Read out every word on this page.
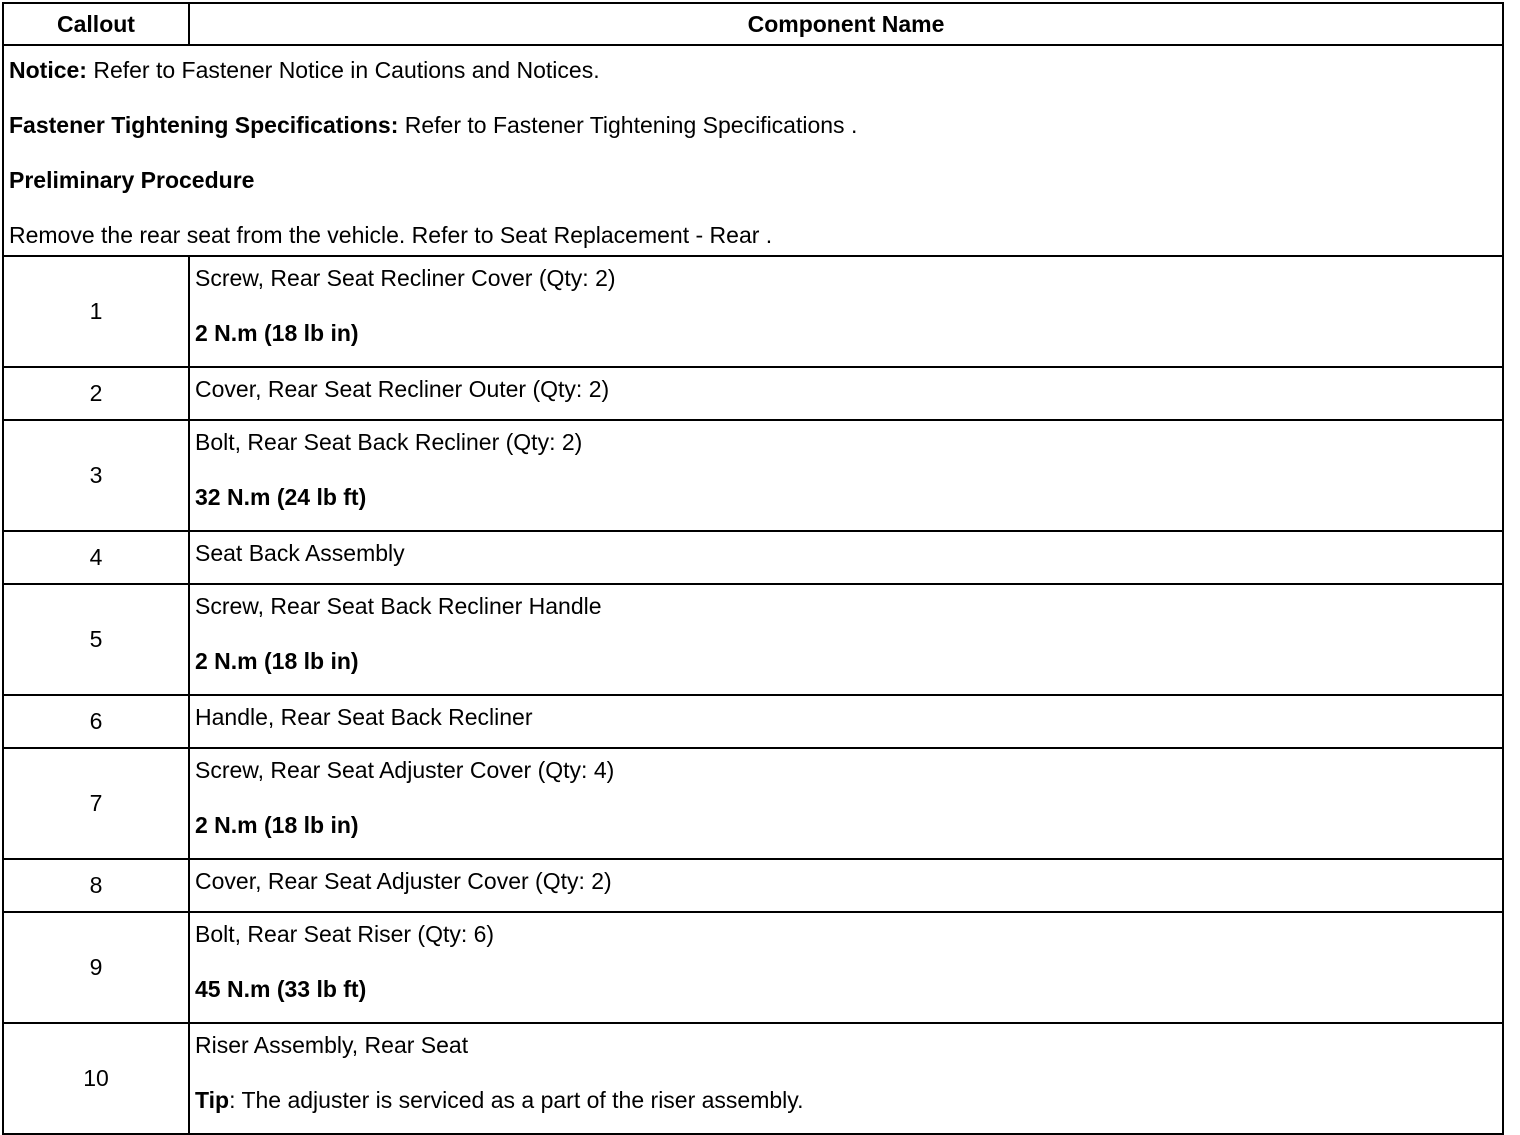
Callout	Component Name

Notice: Refer to Fastener Notice in Cautions and Notices.

Fastener Tightening Specifications: Refer to Fastener Tightening Specifications .

Preliminary Procedure

Remove the rear seat from the vehicle. Refer to Seat Replacement - Rear .	

1	Screw, Rear Seat Recliner Cover (Qty: 2)
2 N.m (18 lb in)

2	Cover, Rear Seat Recliner Outer (Qty: 2)

3	Bolt, Rear Seat Back Recliner (Qty: 2)
32 N.m (24 lb ft)

4	Seat Back Assembly

5	Screw, Rear Seat Back Recliner Handle
2 N.m (18 lb in)

6	Handle, Rear Seat Back Recliner

7	Screw, Rear Seat Adjuster Cover (Qty: 4)
2 N.m (18 lb in)

8	Cover, Rear Seat Adjuster Cover (Qty: 2)

9	Bolt, Rear Seat Riser (Qty: 6)
45 N.m (33 lb ft)

10	Riser Assembly, Rear Seat
Tip: The adjuster is serviced as a part of the riser assembly.
